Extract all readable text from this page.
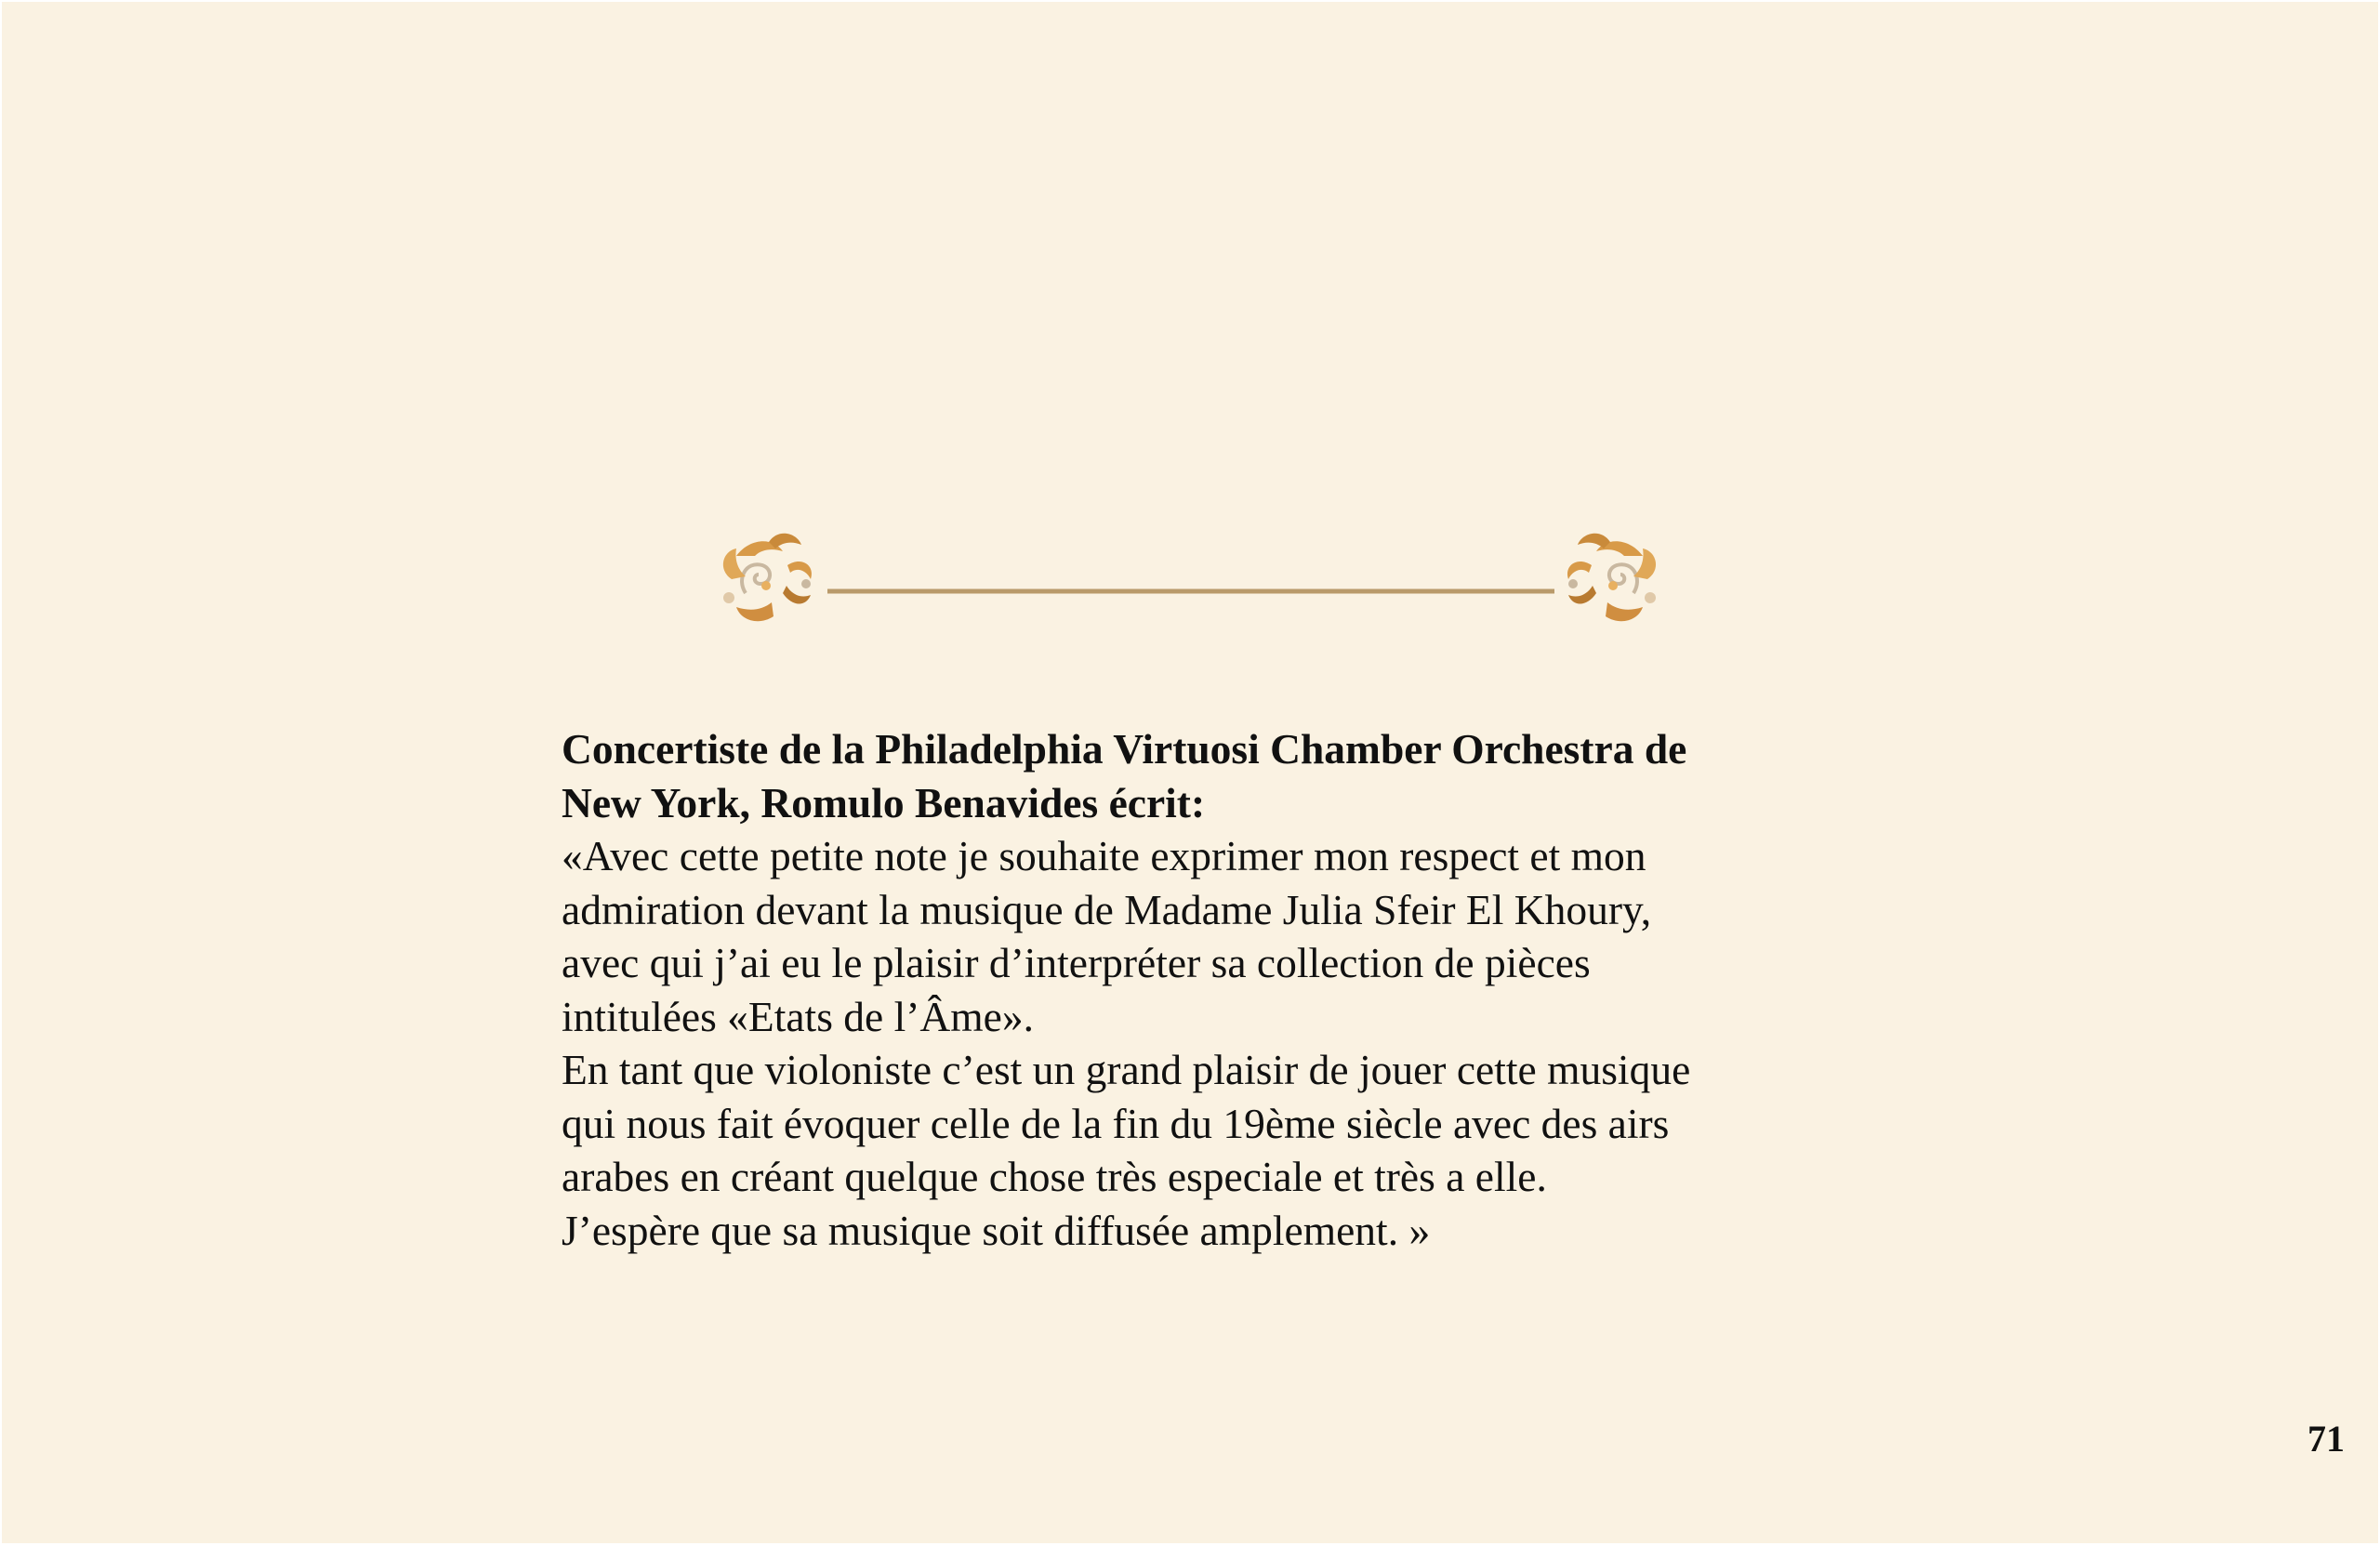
Concertiste de la Philadelphia Virtuosi Chamber Orchestra de
New York, Romulo Benavides écrit:

«Avec cette petite note je souhaite exprimer mon respect et mon
admiration devant la musique de Madame Julia Sfeir El Khoury,
avec qui j’ai eu le plaisir d’interpréter sa collection de pièces
intitulées «Etats de l’Âme».
En tant que violoniste c’est un grand plaisir de jouer cette musique
qui nous fait évoquer celle de la fin du 19ème siècle avec des airs
arabes en créant quelque chose très especiale et très a elle.
J’espère que sa musique soit diffusée amplement. »

71
